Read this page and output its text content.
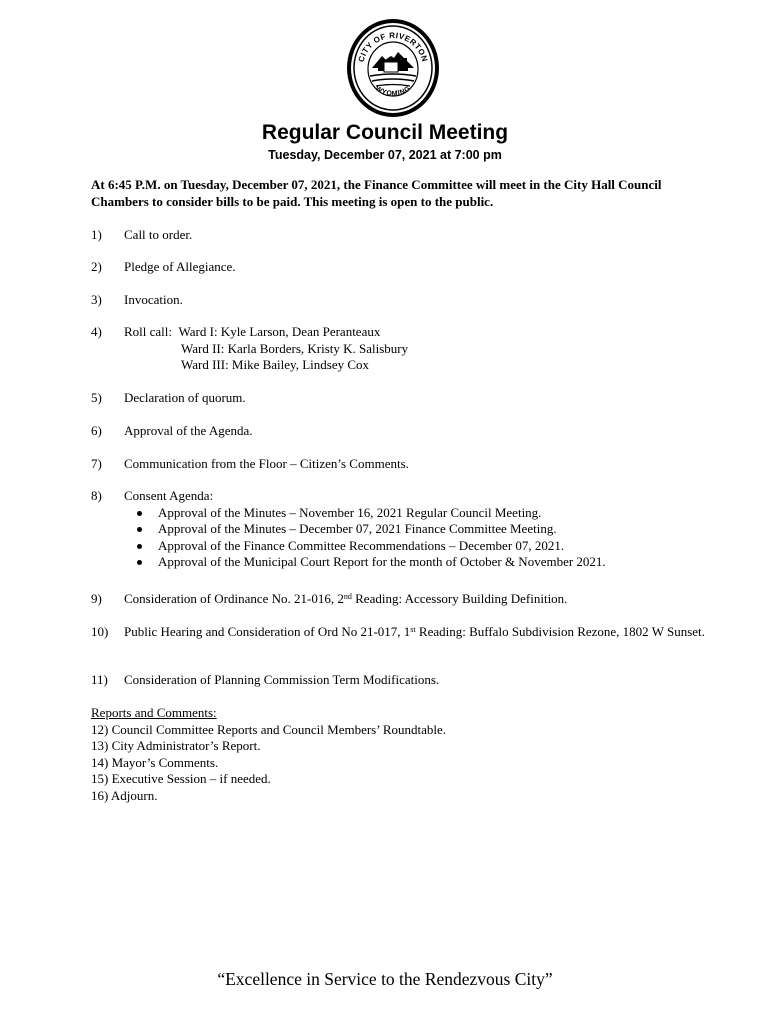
CITY OF RIVERTON
WYOMING
Regular Council Meeting
Tuesday, December 07, 2021 at 7:00 pm
At 6:45 P.M. on Tuesday, December 07, 2021, the Finance Committee will meet in the City Hall Council Chambers to consider bills to be paid. This meeting is open to the public.
1) Call to order.
2) Pledge of Allegiance.
3) Invocation.
4) Roll call: Ward I: Kyle Larson, Dean Peranteaux
Ward II: Karla Borders, Kristy K. Salisbury
Ward III: Mike Bailey, Lindsey Cox
5) Declaration of quorum.
6) Approval of the Agenda.
7) Communication from the Floor – Citizen’s Comments.
8) Consent Agenda:
Approval of the Minutes – November 16, 2021 Regular Council Meeting.
Approval of the Minutes – December 07, 2021 Finance Committee Meeting.
Approval of the Finance Committee Recommendations – December 07, 2021.
Approval of the Municipal Court Report for the month of October & November 2021.
9) Consideration of Ordinance No. 21-016, 2nd Reading: Accessory Building Definition.
10) Public Hearing and Consideration of Ord No 21-017, 1st Reading: Buffalo Subdivision Rezone, 1802 W Sunset.
11) Consideration of Planning Commission Term Modifications.
Reports and Comments:
12) Council Committee Reports and Council Members’ Roundtable.
13) City Administrator’s Report.
14) Mayor’s Comments.
15) Executive Session – if needed.
16) Adjourn.
“Excellence in Service to the Rendezvous City”
